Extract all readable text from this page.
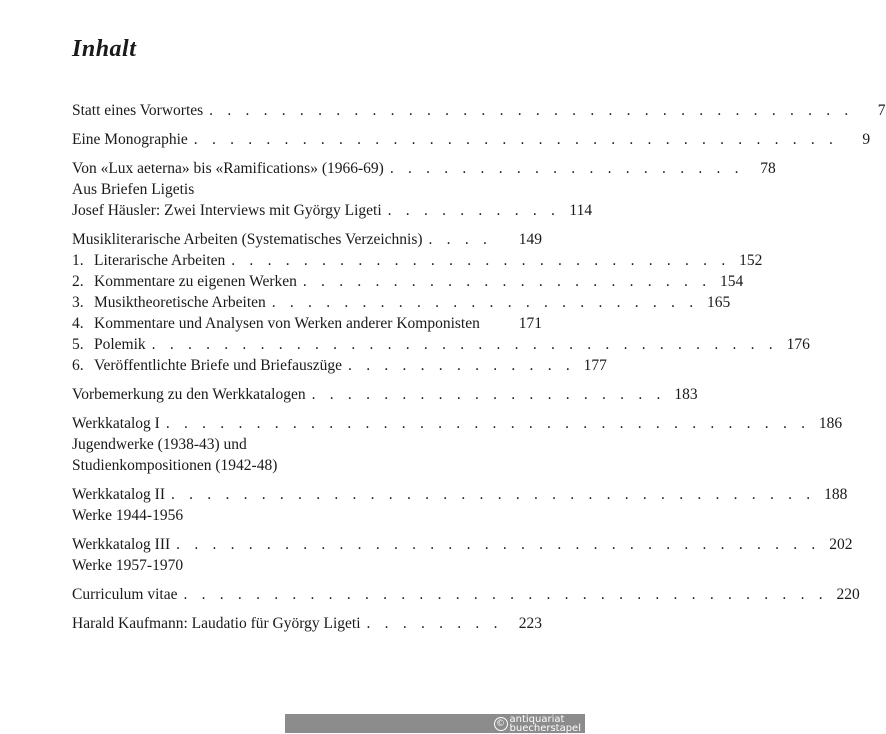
Inhalt
Statt eines Vorwortes . . . . . . . . . . . . . . . . . . . . . . . . . . . . . . . . . . . .	7
Eine Monographie . . . . . . . . . . . . . . . . . . . . . . . . . . . . . . . . . . . .	9
Von «Lux aeterna» bis «Ramifications» (1966-69) . . . . . . . . . . . . . . . . . . . .	78
Aus Briefen Ligetis
Josef Häusler: Zwei Interviews mit György Ligeti . . . . . . . . . . 114
Musikliterarische Arbeiten (Systematisches Verzeichnis) . . . .	149
1. Literarische Arbeiten . . . . . . . . . . . . . . . . . . . . . . . . . . . . 152
2. Kommentare zu eigenen Werken . . . . . . . . . . . . . . . . . . . . . . . 154
3. Musiktheoretische Arbeiten . . . . . . . . . . . . . . . . . . . . . . . . 165
4. Kommentare und Analysen von Werken anderer Komponisten	171
5. Polemik . . . . . . . . . . . . . . . . . . . . . . . . . . . . . . . . . . . 176
6. Veröffentlichte Briefe und Briefauszüge . . . . . . . . . . . . . 177
Vorbemerkung zu den Werkkatalogen . . . . . . . . . . . . . . . . . . . . 183
Werkkatalog I . . . . . . . . . . . . . . . . . . . . . . . . . . . . . . . . . . . . 186
Jugendwerke (1938-43) und
Studienkompositionen (1942-48)
Werkkatalog II . . . . . . . . . . . . . . . . . . . . . . . . . . . . . . . . . . . . 188
Werke 1944-1956
Werkkatalog III . . . . . . . . . . . . . . . . . . . . . . . . . . . . . . . . . . . . 202
Werke 1957-1970
Curriculum vitae . . . . . . . . . . . . . . . . . . . . . . . . . . . . . . . . . . . . 220
Harald Kaufmann: Laudatio für György Ligeti . . . . . . . .	223
© antiquariat
buecherstapel
